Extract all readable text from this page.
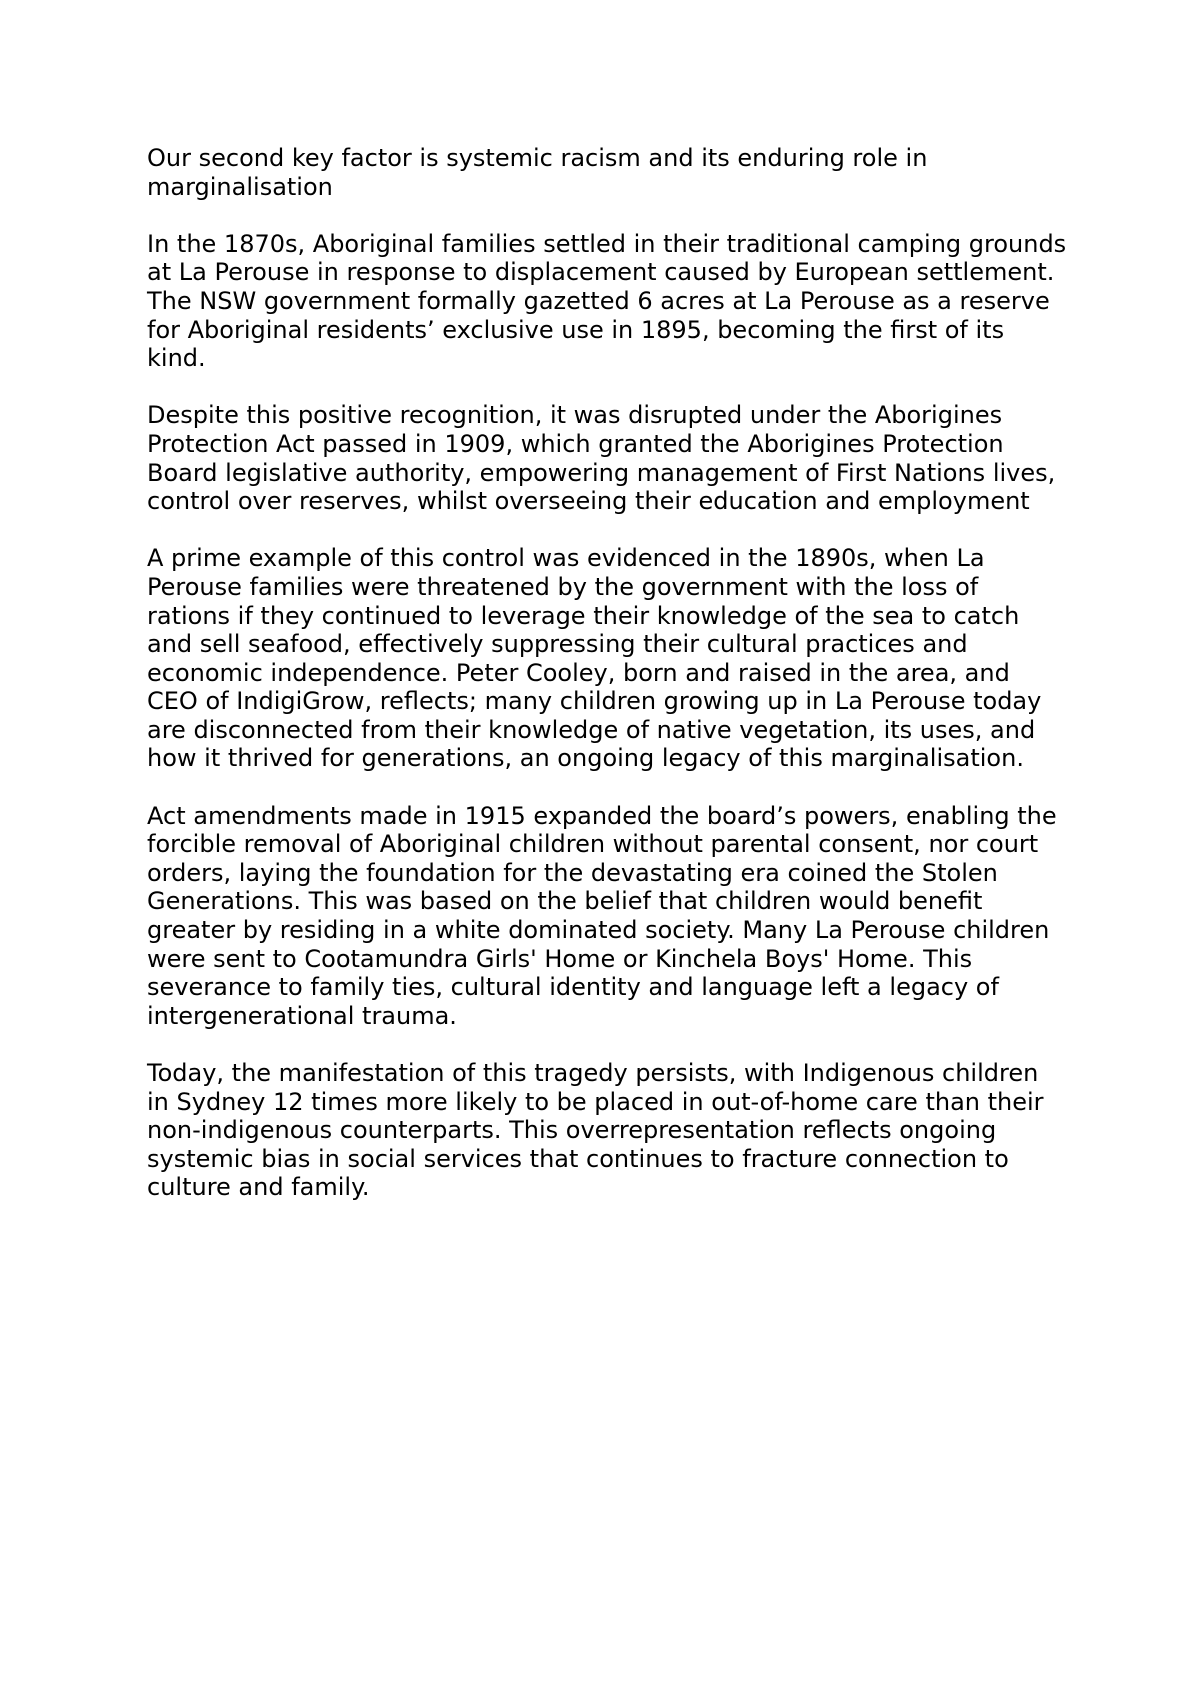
Our second key factor is systemic racism and its enduring role in marginalisation

In the 1870s, Aboriginal families settled in their traditional camping grounds at La Perouse in response to displacement caused by European settlement. The NSW government formally gazetted 6 acres at La Perouse as a reserve for Aboriginal residents’ exclusive use in 1895, becoming the first of its kind.

Despite this positive recognition, it was disrupted under the Aborigines Protection Act passed in 1909, which granted the Aborigines Protection Board legislative authority, empowering management of First Nations lives, control over reserves, whilst overseeing their education and employment

A prime example of this control was evidenced in the 1890s, when La Perouse families were threatened by the government with the loss of rations if they continued to leverage their knowledge of the sea to catch and sell seafood, effectively suppressing their cultural practices and economic independence. Peter Cooley, born and raised in the area, and CEO of IndigiGrow, reflects; many children growing up in La Perouse today are disconnected from their knowledge of native vegetation, its uses, and how it thrived for generations, an ongoing legacy of this marginalisation.

Act amendments made in 1915 expanded the board’s powers, enabling the forcible removal of Aboriginal children without parental consent, nor court orders, laying the foundation for the devastating era coined the Stolen Generations. This was based on the belief that children would benefit greater by residing in a white dominated society. Many La Perouse children were sent to Cootamundra Girls' Home or Kinchela Boys' Home. This severance to family ties, cultural identity and language left a legacy of intergenerational trauma.

Today, the manifestation of this tragedy persists, with Indigenous children in Sydney 12 times more likely to be placed in out-of-home care than their non-indigenous counterparts. This overrepresentation reflects ongoing systemic bias in social services that continues to fracture connection to culture and family.
